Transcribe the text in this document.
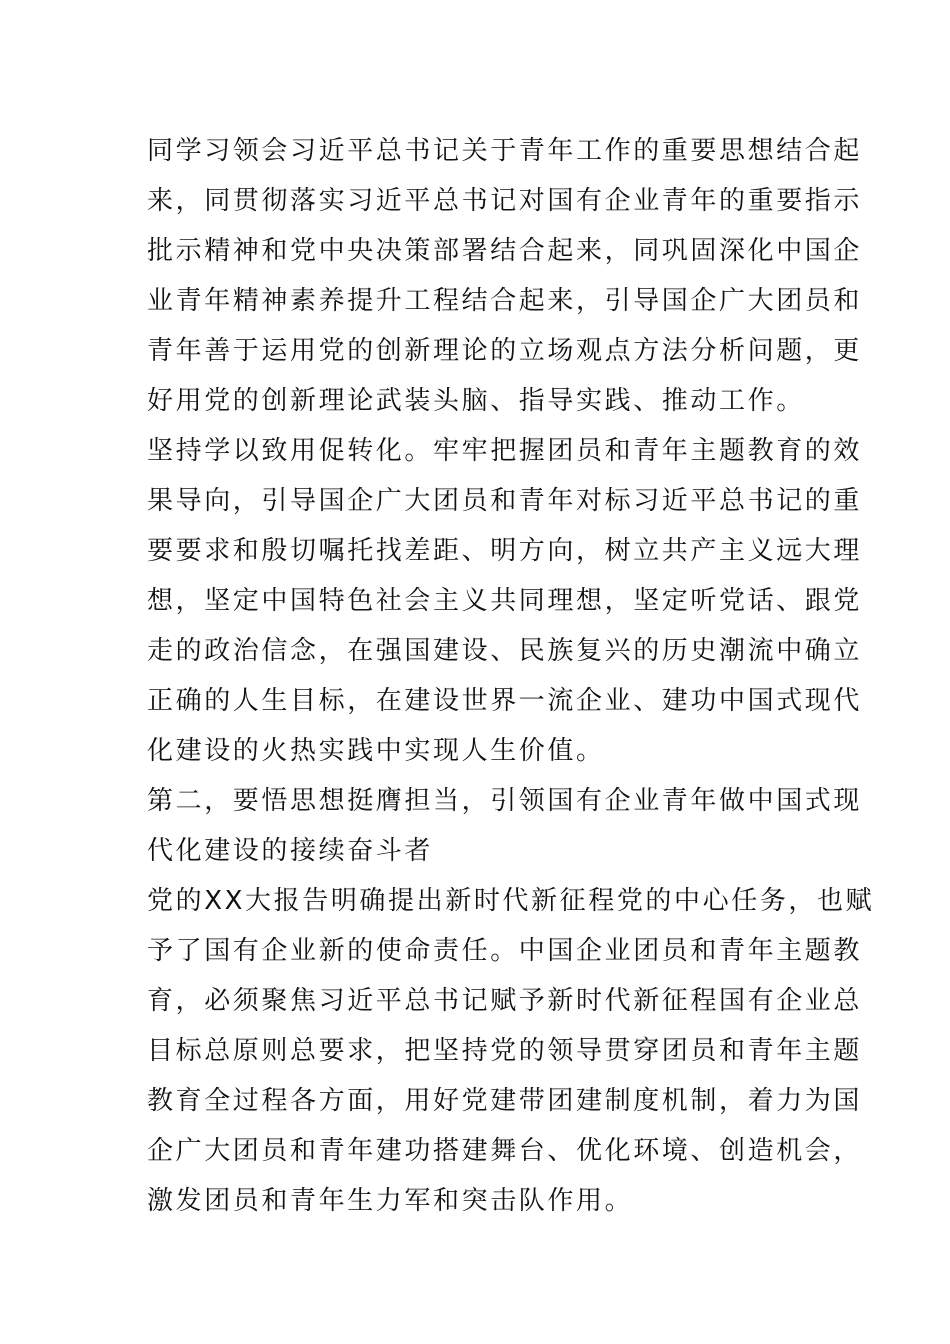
同学习领会习近平总书记关于青年工作的重要思想结合起
来，同贯彻落实习近平总书记对国有企业青年的重要指示
批示精神和党中央决策部署结合起来，同巩固深化中国企
业青年精神素养提升工程结合起来，引导国企广大团员和
青年善于运用党的创新理论的立场观点方法分析问题，更
好用党的创新理论武装头脑、指导实践、推动工作。
坚持学以致用促转化。牢牢把握团员和青年主题教育的效
果导向，引导国企广大团员和青年对标习近平总书记的重
要要求和殷切嘱托找差距、明方向，树立共产主义远大理
想，坚定中国特色社会主义共同理想，坚定听党话、跟党
走的政治信念，在强国建设、民族复兴的历史潮流中确立
正确的人生目标，在建设世界一流企业、建功中国式现代
化建设的火热实践中实现人生价值。
第二，要悟思想挺膺担当，引领国有企业青年做中国式现
代化建设的接续奋斗者
党的XX大报告明确提出新时代新征程党的中心任务，也赋
予了国有企业新的使命责任。中国企业团员和青年主题教
育，必须聚焦习近平总书记赋予新时代新征程国有企业总
目标总原则总要求，把坚持党的领导贯穿团员和青年主题
教育全过程各方面，用好党建带团建制度机制，着力为国
企广大团员和青年建功搭建舞台、优化环境、创造机会，
激发团员和青年生力军和突击队作用。
